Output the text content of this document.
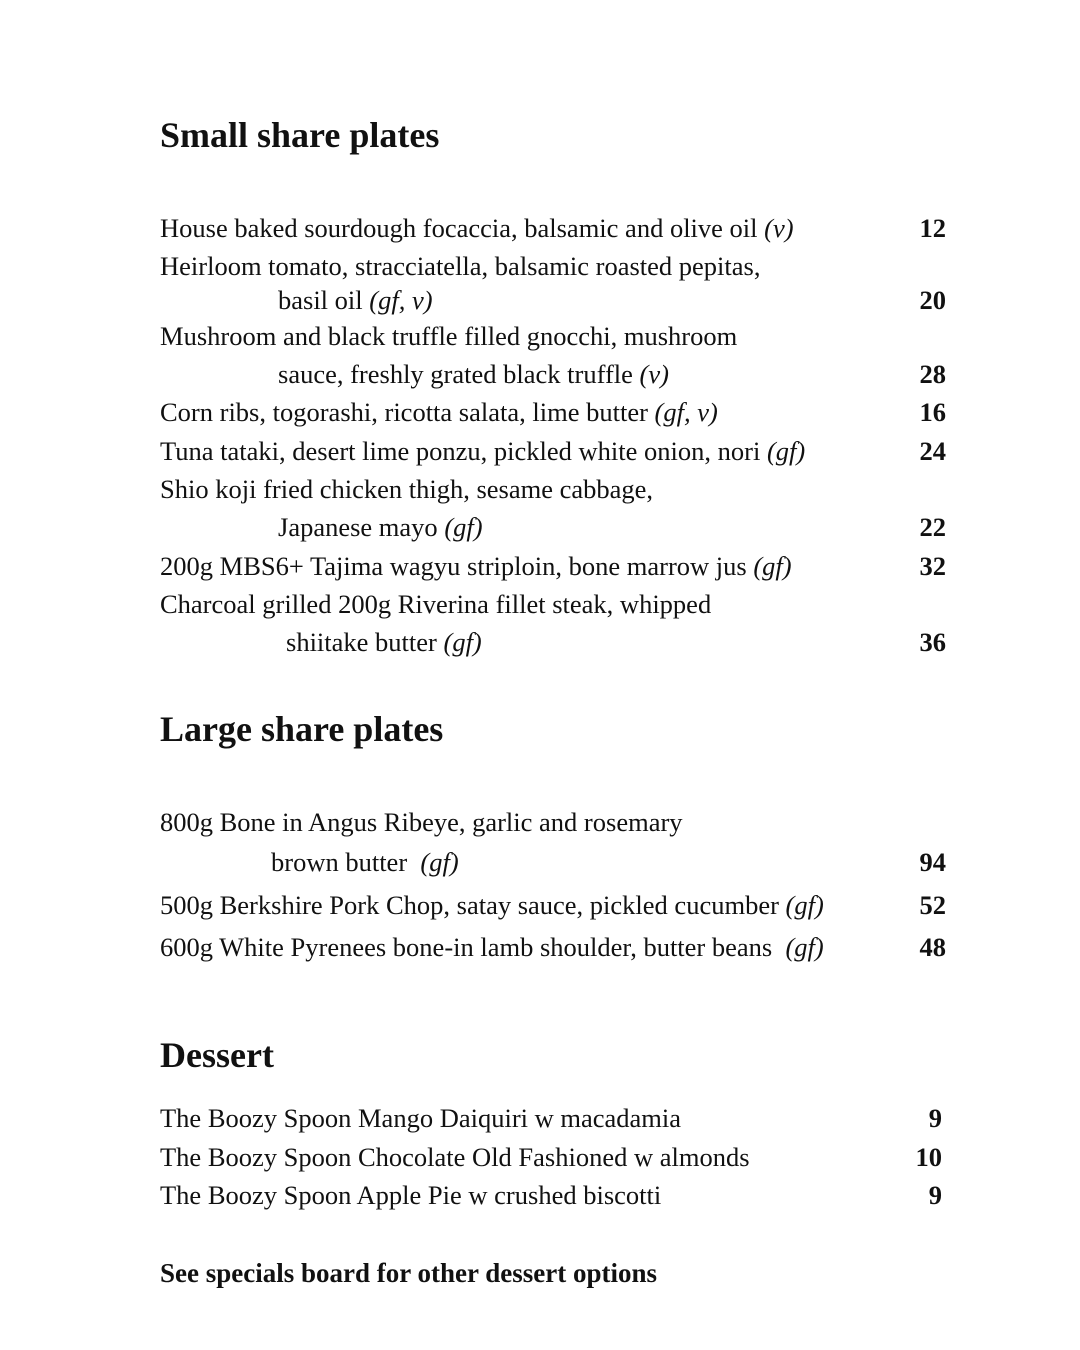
Small share plates
House baked sourdough focaccia, balsamic and olive oil (v)	12
Heirloom tomato, stracciatella, balsamic roasted pepitas,
basil oil (gf, v)	20
Mushroom and black truffle filled gnocchi, mushroom
sauce, freshly grated black truffle (v)	28
Corn ribs, togorashi, ricotta salata, lime butter (gf, v)	16
Tuna tataki, desert lime ponzu, pickled white onion, nori (gf)	24
Shio koji fried chicken thigh, sesame cabbage,
Japanese mayo (gf)	22
200g MBS6+ Tajima wagyu striploin, bone marrow jus (gf)	32
Charcoal grilled 200g Riverina fillet steak, whipped
shiitake butter (gf)	36
Large share plates
800g Bone in Angus Ribeye, garlic and rosemary
brown butter (gf)	94
500g Berkshire Pork Chop, satay sauce, pickled cucumber (gf)	52
600g White Pyrenees bone-in lamb shoulder, butter beans (gf)	48
Dessert
The Boozy Spoon Mango Daiquiri w macadamia	9
The Boozy Spoon Chocolate Old Fashioned w almonds	10
The Boozy Spoon Apple Pie w crushed biscotti	9
See specials board for other dessert options
